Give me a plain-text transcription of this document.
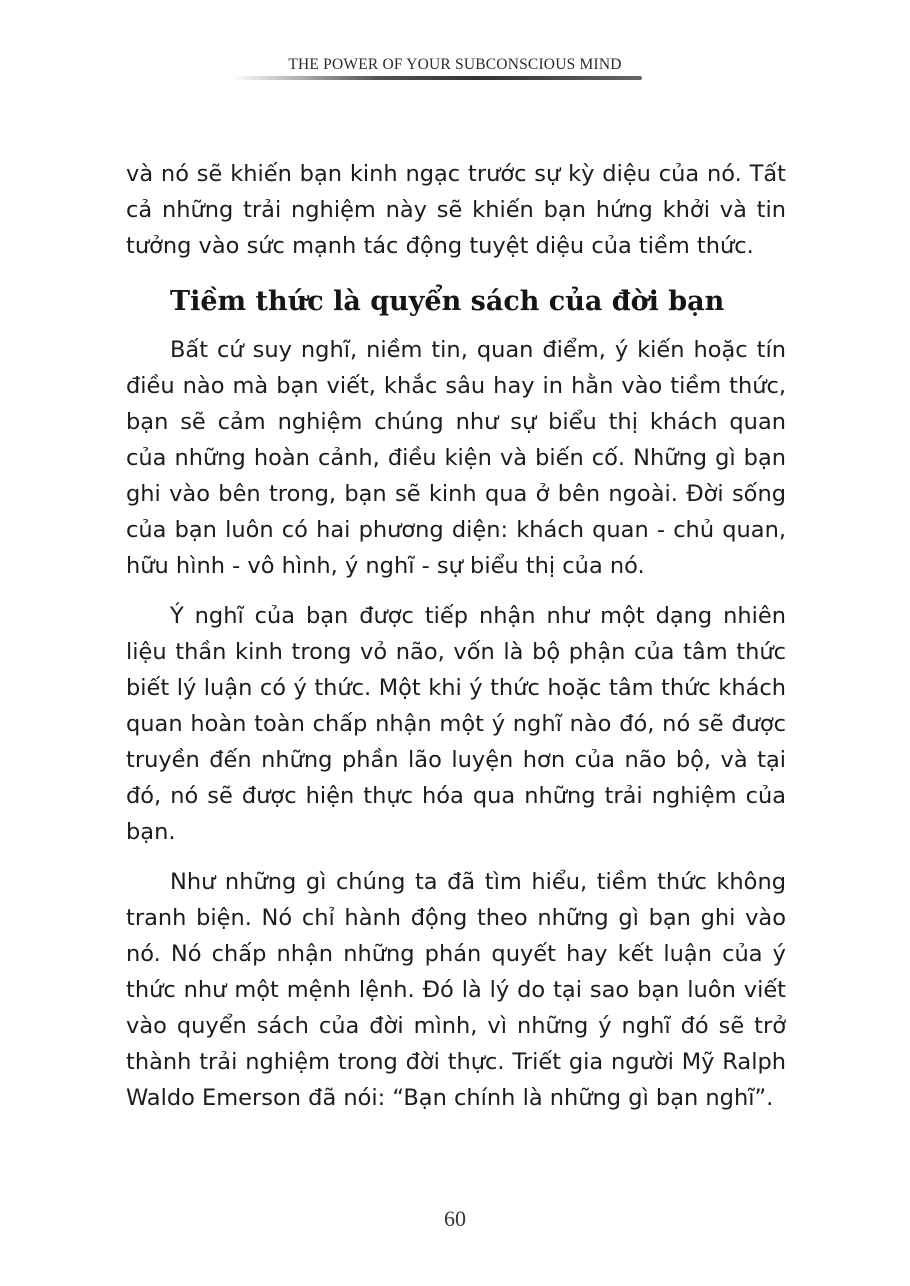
THE POWER OF YOUR SUBCONSCIOUS MIND

và nó sẽ khiến bạn kinh ngạc trước sự kỳ diệu của nó. Tất cả những trải nghiệm này sẽ khiến bạn hứng khởi và tin tưởng vào sức mạnh tác động tuyệt diệu của tiềm thức.

Tiềm thức là quyển sách của đời bạn

Bất cứ suy nghĩ, niềm tin, quan điểm, ý kiến hoặc tín điều nào mà bạn viết, khắc sâu hay in hằn vào tiềm thức, bạn sẽ cảm nghiệm chúng như sự biểu thị khách quan của những hoàn cảnh, điều kiện và biến cố. Những gì bạn ghi vào bên trong, bạn sẽ kinh qua ở bên ngoài. Đời sống của bạn luôn có hai phương diện: khách quan - chủ quan, hữu hình - vô hình, ý nghĩ - sự biểu thị của nó.

Ý nghĩ của bạn được tiếp nhận như một dạng nhiên liệu thần kinh trong vỏ não, vốn là bộ phận của tâm thức biết lý luận có ý thức. Một khi ý thức hoặc tâm thức khách quan hoàn toàn chấp nhận một ý nghĩ nào đó, nó sẽ được truyền đến những phần lão luyện hơn của não bộ, và tại đó, nó sẽ được hiện thực hóa qua những trải nghiệm của bạn.

Như những gì chúng ta đã tìm hiểu, tiềm thức không tranh biện. Nó chỉ hành động theo những gì bạn ghi vào nó. Nó chấp nhận những phán quyết hay kết luận của ý thức như một mệnh lệnh. Đó là lý do tại sao bạn luôn viết vào quyển sách của đời mình, vì những ý nghĩ đó sẽ trở thành trải nghiệm trong đời thực. Triết gia người Mỹ Ralph Waldo Emerson đã nói: “Bạn chính là những gì bạn nghĩ”.

60
